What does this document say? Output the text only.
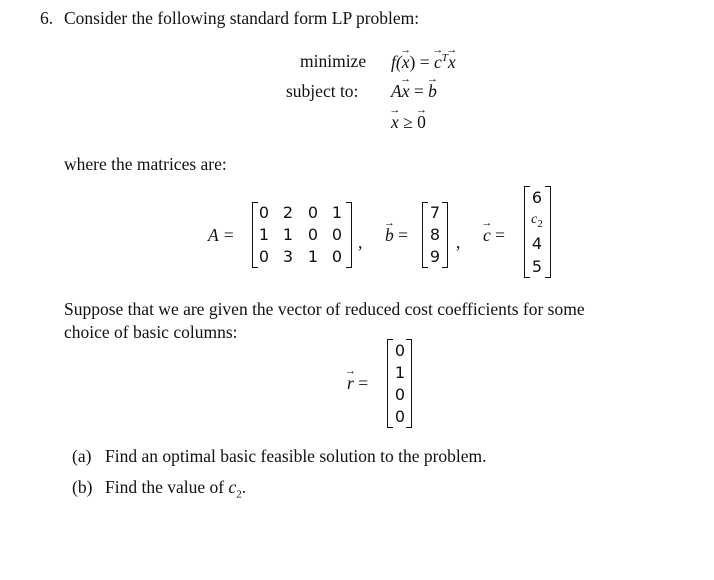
6. Consider the following standard form LP problem:
minimize f(→ x) = → $c^T\to x$
subject to: A→ x = → b
→ x ≥ → 0
where the matrices are:
A =
0 2 0 1
1 1 0 0
0 3 1 0
, → b =
7
8
9
, → c =
6
$c_2$
4
5
Suppose that we are given the vector of reduced cost coefficients for some
choice of basic columns:
→ r =
0
1
0
0
(a) Find an optimal basic feasible solution to the problem.
(b) Find the value of $c_2$.
